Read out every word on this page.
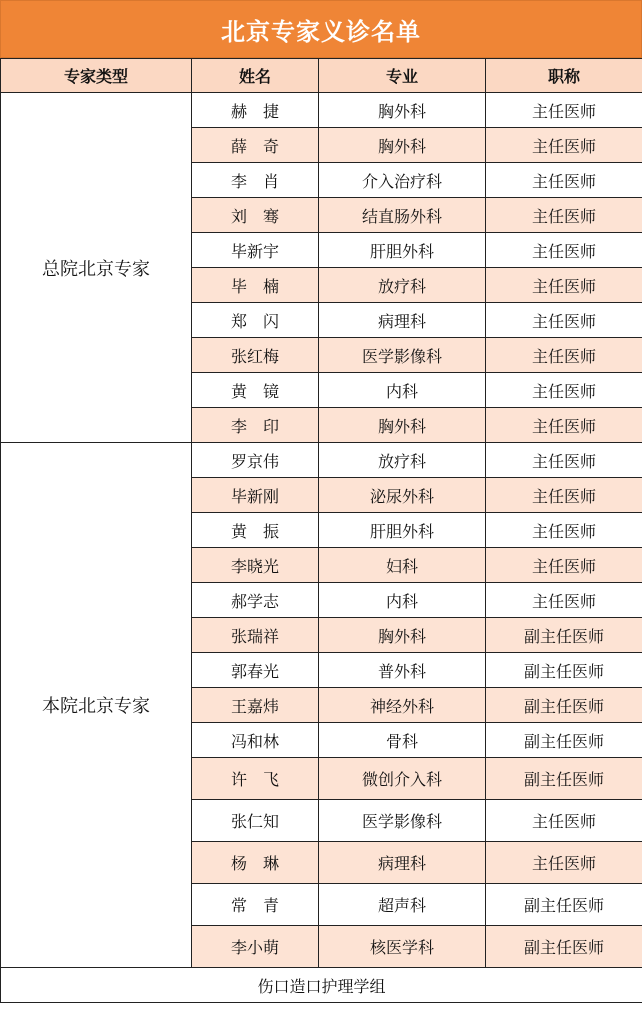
北京专家义诊名单
专家类型	姓名	专业	职称
总院北京专家	赫　捷	胸外科	主任医师
	薛　奇	胸外科	主任医师
	李　肖	介入治疗科	主任医师
	刘　骞	结直肠外科	主任医师
	毕新宇	肝胆外科	主任医师
	毕　楠	放疗科	主任医师
	郑　闪	病理科	主任医师
	张红梅	医学影像科	主任医师
	黄　镜	内科	主任医师
	李　印	胸外科	主任医师
本院北京专家	罗京伟	放疗科	主任医师
	毕新刚	泌尿外科	主任医师
	黄　振	肝胆外科	主任医师
	李晓光	妇科	主任医师
	郝学志	内科	主任医师
	张瑞祥	胸外科	副主任医师
	郭春光	普外科	副主任医师
	王嘉炜	神经外科	副主任医师
	冯和林	骨科	副主任医师
	许　飞	微创介入科	副主任医师
	张仁知	医学影像科	主任医师
	杨　琳	病理科	主任医师
	常　青	超声科	副主任医师
	李小萌	核医学科	副主任医师
伤口造口护理学组			
